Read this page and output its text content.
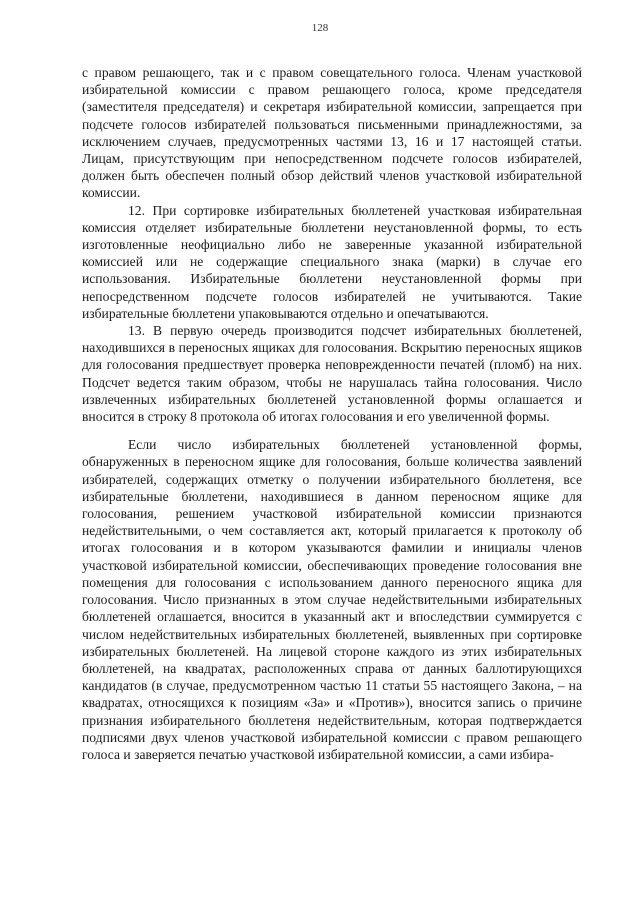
128

с правом решающего, так и с правом совещательного голоса. Членам участковой избирательной комиссии с правом решающего голоса, кроме председателя (заместителя председателя) и секретаря избирательной комиссии, запрещается при подсчете голосов избирателей пользоваться письменными принадлежностями, за исключением случаев, предусмотренных частями 13, 16 и 17 настоящей статьи. Лицам, присутствующим при непосредственном подсчете голосов избирателей, должен быть обеспечен полный обзор действий членов участковой избирательной комиссии.

12. При сортировке избирательных бюллетеней участковая избирательная комиссия отделяет избирательные бюллетени неустановленной формы, то есть изготовленные неофициально либо не заверенные указанной избирательной комиссией или не содержащие специального знака (марки) в случае его использования. Избирательные бюллетени неустановленной формы при непосредственном подсчете голосов избирателей не учитываются. Такие избирательные бюллетени упаковываются отдельно и опечатываются.

13. В первую очередь производится подсчет избирательных бюллетеней, находившихся в переносных ящиках для голосования. Вскрытию переносных ящиков для голосования предшествует проверка неповрежденности печатей (пломб) на них. Подсчет ведется таким образом, чтобы не нарушалась тайна голосования. Число извлеченных избирательных бюллетеней установленной формы оглашается и вносится в строку 8 протокола об итогах голосования и его увеличенной формы.

Если число избирательных бюллетеней установленной формы, обнаруженных в переносном ящике для голосования, больше количества заявлений избирателей, содержащих отметку о получении избирательного бюллетеня, все избирательные бюллетени, находившиеся в данном переносном ящике для голосования, решением участковой избирательной комиссии признаются недействительными, о чем составляется акт, который прилагается к протоколу об итогах голосования и в котором указываются фамилии и инициалы членов участковой избирательной комиссии, обеспечивающих проведение голосования вне помещения для голосования с использованием данного переносного ящика для голосования. Число признанных в этом случае недействительными избирательных бюллетеней оглашается, вносится в указанный акт и впоследствии суммируется с числом недействительных избирательных бюллетеней, выявленных при сортировке избирательных бюллетеней. На лицевой стороне каждого из этих избирательных бюллетеней, на квадратах, расположенных справа от данных баллотирующихся кандидатов (в случае, предусмотренном частью 11 статьи 55 настоящего Закона, – на квадратах, относящихся к позициям «За» и «Против»), вносится запись о причине признания избирательного бюллетеня недействительным, которая подтверждается подписями двух членов участковой избирательной комиссии с правом решающего голоса и заверяется печатью участковой избирательной комиссии, а сами избира-
